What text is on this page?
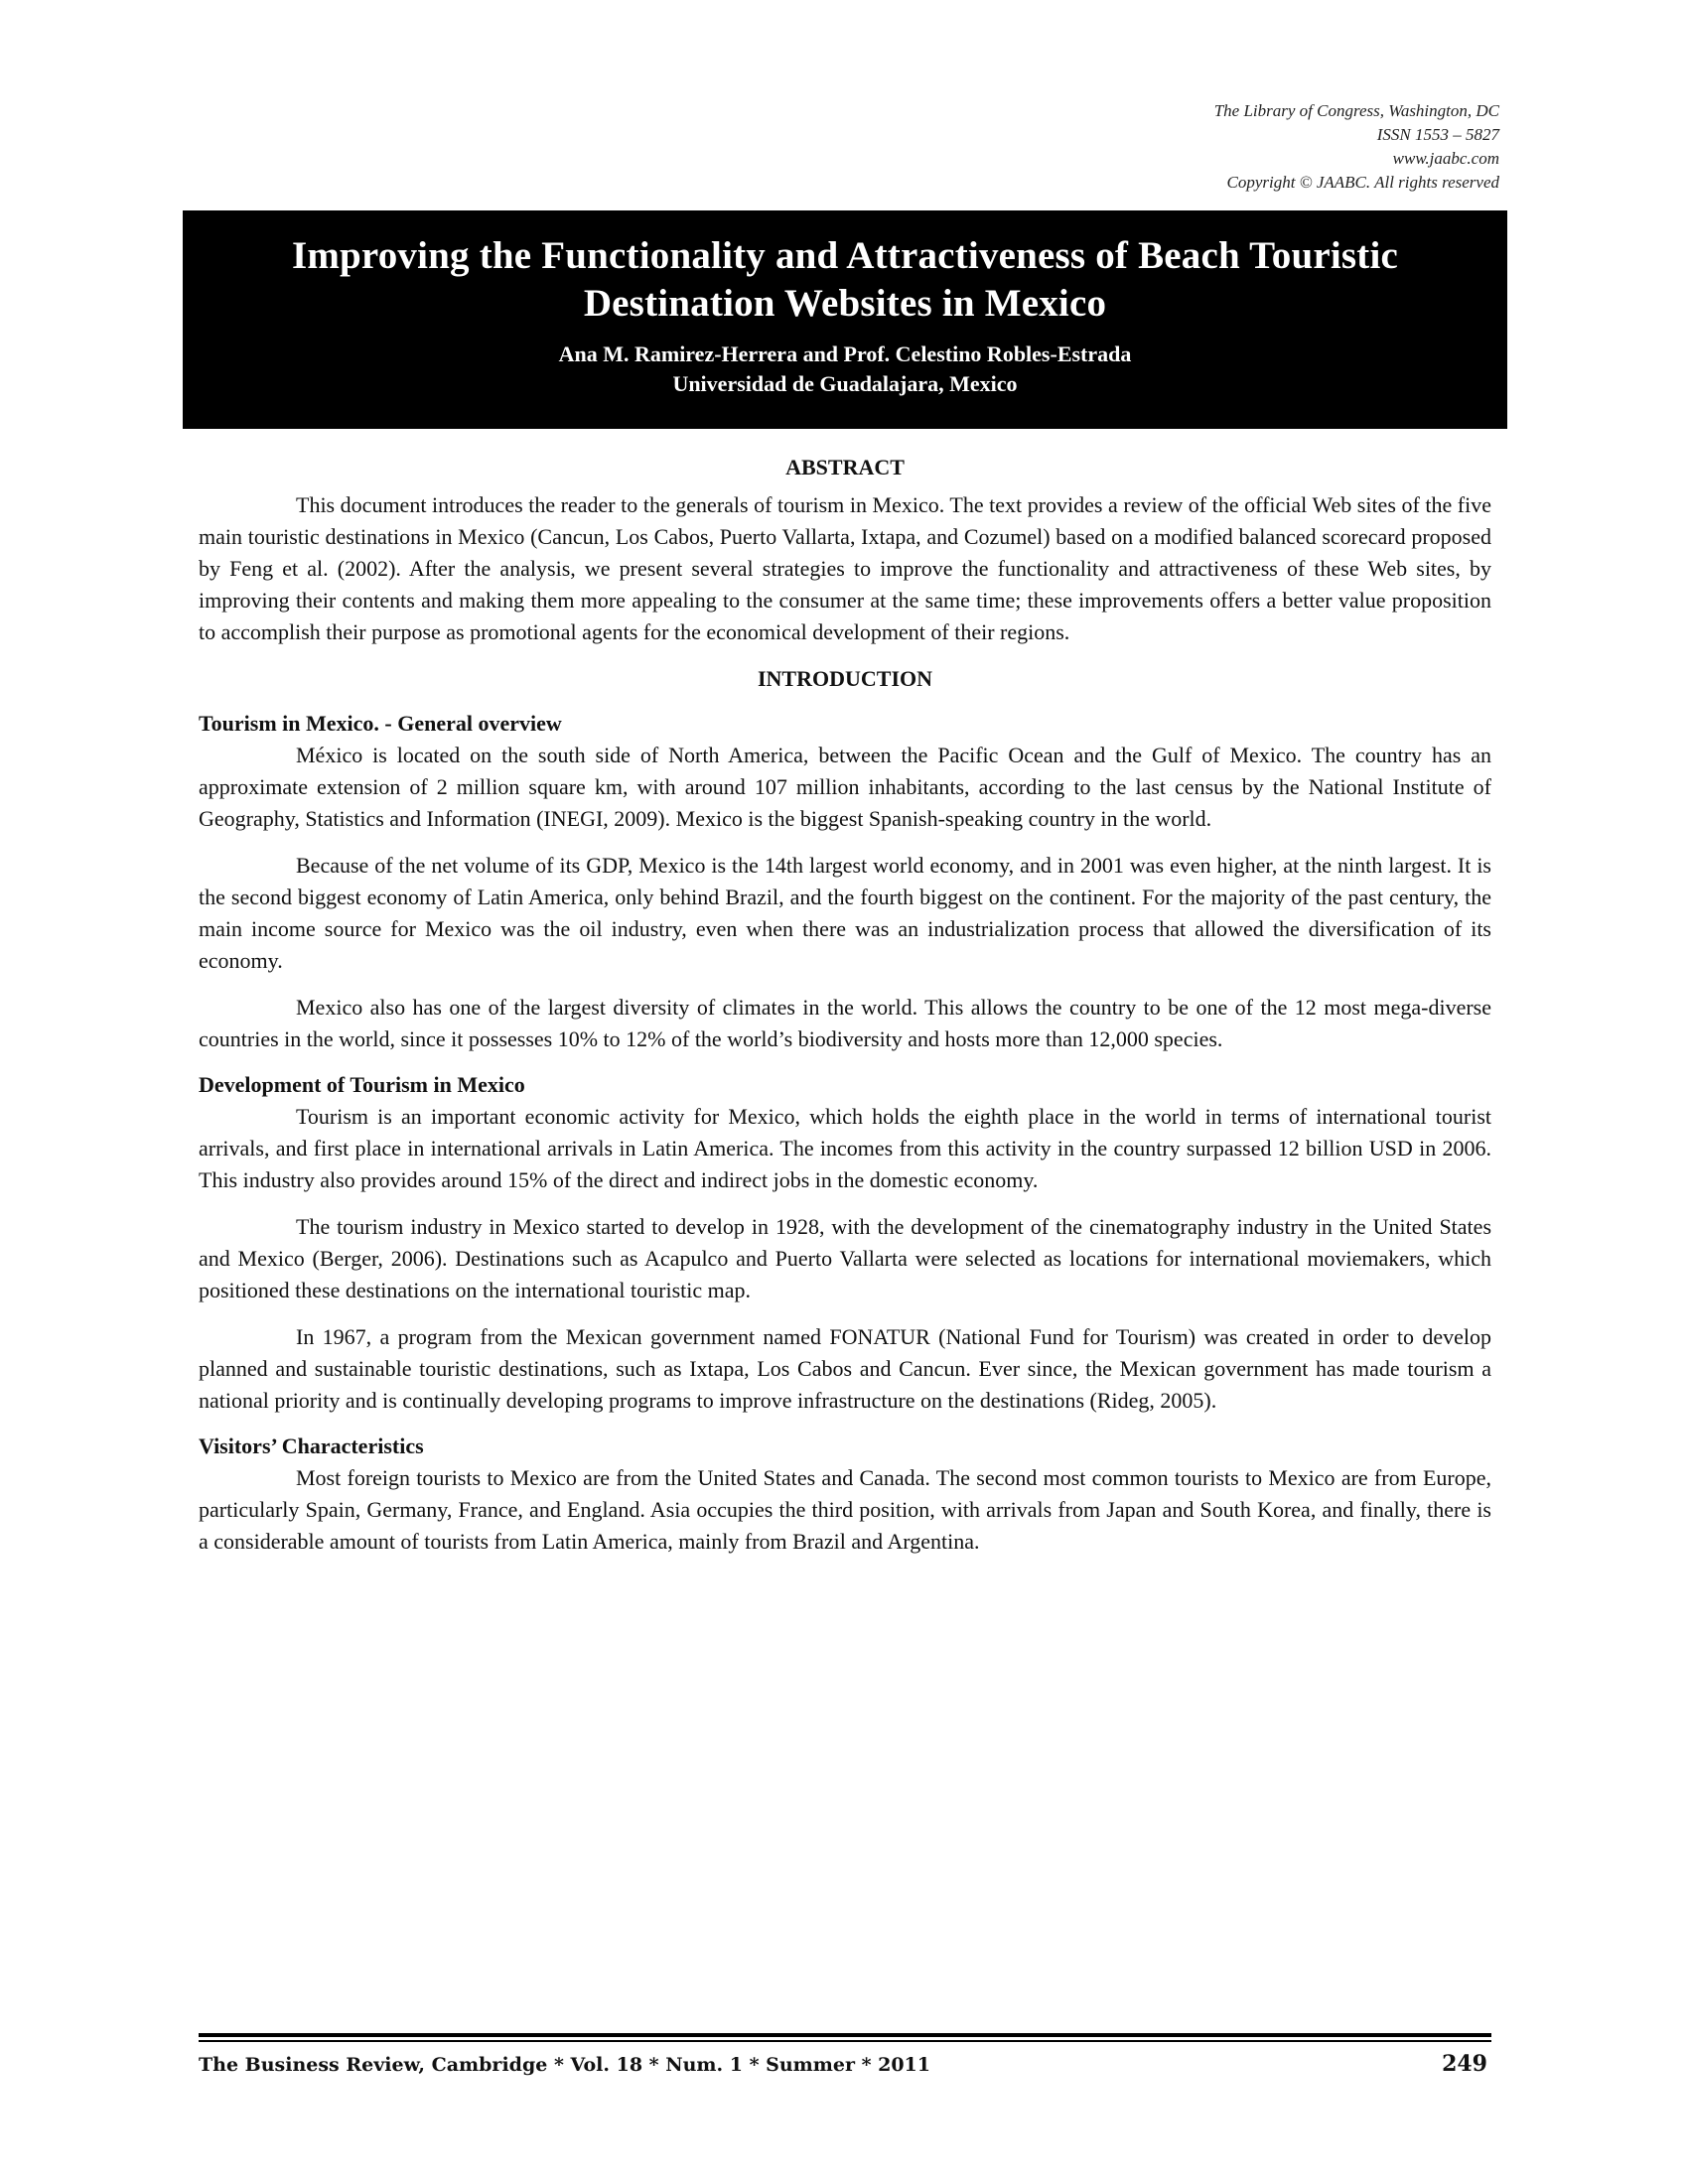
The Library of Congress, Washington, DC
ISSN 1553 – 5827
www.jaabc.com
Copyright © JAABC. All rights reserved
Improving the Functionality and Attractiveness of Beach Touristic Destination Websites in Mexico
Ana M. Ramirez-Herrera and Prof. Celestino Robles-Estrada
Universidad de Guadalajara, Mexico

ABSTRACT

This document introduces the reader to the generals of tourism in Mexico. The text provides a review of the official Web sites of the five main touristic destinations in Mexico (Cancun, Los Cabos, Puerto Vallarta, Ixtapa, and Cozumel) based on a modified balanced scorecard proposed by Feng et al. (2002). After the analysis, we present several strategies to improve the functionality and attractiveness of these Web sites, by improving their contents and making them more appealing to the consumer at the same time; these improvements offers a better value proposition to accomplish their purpose as promotional agents for the economical development of their regions.

INTRODUCTION

Tourism in Mexico. - General overview

México is located on the south side of North America, between the Pacific Ocean and the Gulf of Mexico. The country has an approximate extension of 2 million square km, with around 107 million inhabitants, according to the last census by the National Institute of Geography, Statistics and Information (INEGI, 2009). Mexico is the biggest Spanish-speaking country in the world.

Because of the net volume of its GDP, Mexico is the 14th largest world economy, and in 2001 was even higher, at the ninth largest. It is the second biggest economy of Latin America, only behind Brazil, and the fourth biggest on the continent. For the majority of the past century, the main income source for Mexico was the oil industry, even when there was an industrialization process that allowed the diversification of its economy.

Mexico also has one of the largest diversity of climates in the world. This allows the country to be one of the 12 most mega-diverse countries in the world, since it possesses 10% to 12% of the world’s biodiversity and hosts more than 12,000 species.

Development of Tourism in Mexico

Tourism is an important economic activity for Mexico, which holds the eighth place in the world in terms of international tourist arrivals, and first place in international arrivals in Latin America. The incomes from this activity in the country surpassed 12 billion USD in 2006. This industry also provides around 15% of the direct and indirect jobs in the domestic economy.

The tourism industry in Mexico started to develop in 1928, with the development of the cinematography industry in the United States and Mexico (Berger, 2006). Destinations such as Acapulco and Puerto Vallarta were selected as locations for international moviemakers, which positioned these destinations on the international touristic map.

In 1967, a program from the Mexican government named FONATUR (National Fund for Tourism) was created in order to develop planned and sustainable touristic destinations, such as Ixtapa, Los Cabos and Cancun. Ever since, the Mexican government has made tourism a national priority and is continually developing programs to improve infrastructure on the destinations (Rideg, 2005).

Visitors’ Characteristics

Most foreign tourists to Mexico are from the United States and Canada. The second most common tourists to Mexico are from Europe, particularly Spain, Germany, France, and England. Asia occupies the third position, with arrivals from Japan and South Korea, and finally, there is a considerable amount of tourists from Latin America, mainly from Brazil and Argentina.

The Business Review, Cambridge * Vol. 18 * Num. 1 * Summer * 2011	249
